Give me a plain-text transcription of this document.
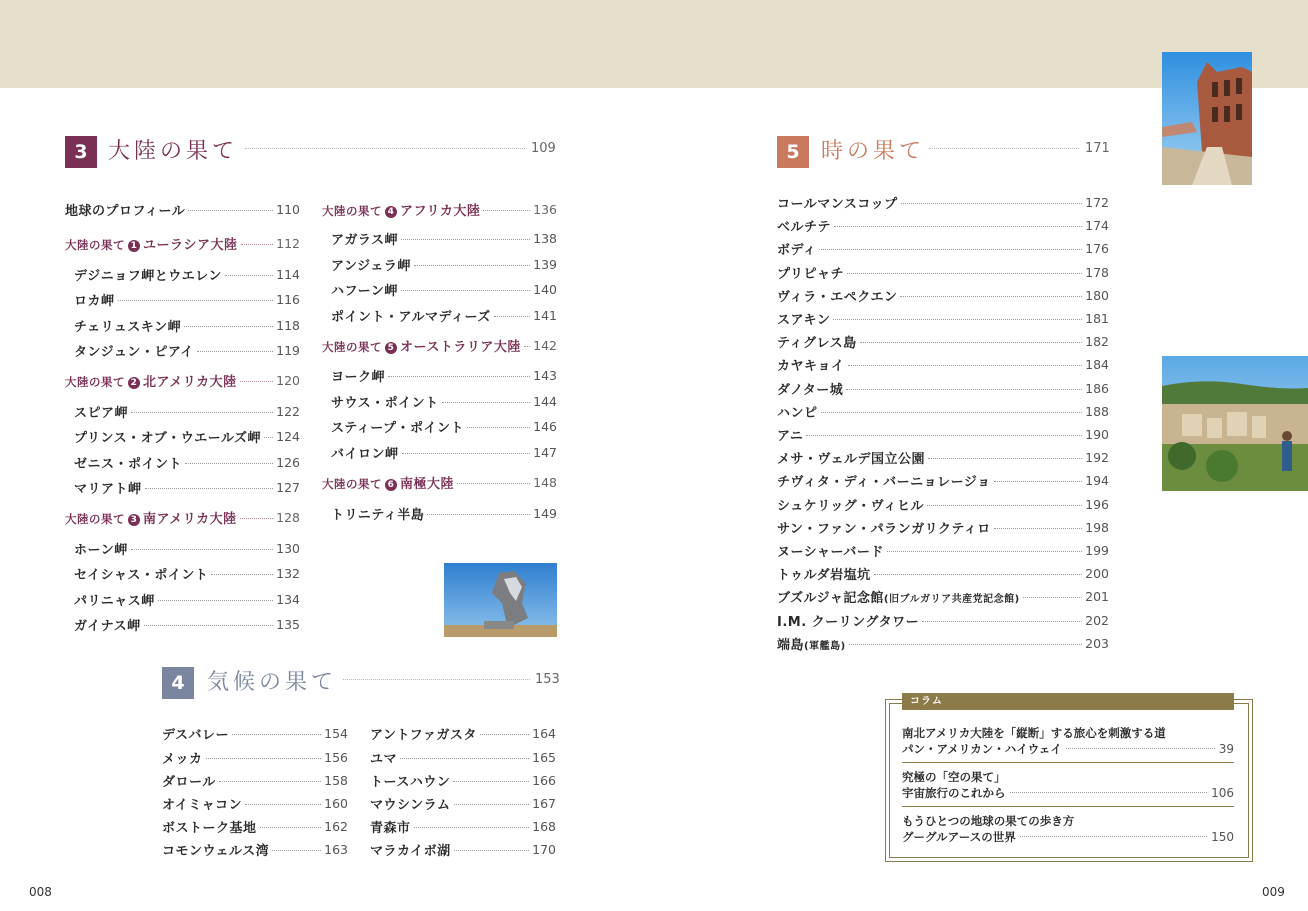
3 大陸の果て	109
地球のプロフィール	110
大陸の果て 1 ユーラシア大陸	112
デジニョフ岬とウエレン	114
ロカ岬	116
チェリュスキン岬	118
タンジュン・ピアイ	119
大陸の果て 2 北アメリカ大陸	120
スピア岬	122
プリンス・オブ・ウエールズ岬 124
ゼニス・ポイント	126
マリアト岬	127
大陸の果て 3 南アメリカ大陸	128
ホーン岬	130
セイシャス・ポイント	132
パリニャス岬	134
ガイナス岬	135
大陸の果て 4 アフリカ大陸	136
アガラス岬	138
アンジェラ岬	139
ハフーン岬	140
ポイント・アルマディーズ	141
大陸の果て 5 オーストラリア大陸 142
ヨーク岬	143
サウス・ポイント	144
スティープ・ポイント	146
バイロン岬	147
大陸の果て 6 南極大陸	148
トリニティ半島	149
4	気候の果て	153
デスバレー	154
メッカ	156
ダロール	158
オイミャコン	160
ボストーク基地	162
コモンウェルス湾	163
アントファガスタ	164
ユマ	165
トースハウン	166
マウシンラム	167
青森市	168
マラカイボ湖	170
5 時の果て	171
コールマンスコップ	172
ベルチテ	174
ボディ	176
プリピャチ	178
ヴィラ・エペクエン	180
スアキン	181
ティグレス島	182
カヤキョイ	184
ダノター城	186
ハンピ	188
アニ	190
メサ・ヴェルデ国立公園	192
チヴィタ・ディ・バーニョレージョ	194
シュケリッグ・ヴィヒル	196
サン・ファン・パランガリクティロ	198
ヌーシャーバード	199
トゥルダ岩塩坑	200
ブズルジャ記念館(旧ブルガリア共産党記念館)	201
I.M. クーリングタワー	202
端島(軍艦島)	203
コラム
南北アメリカ大陸を「縦断」する旅心を刺激する道
パン・アメリカン・ハイウェイ	39
究極の「空の果て」
宇宙旅行のこれから	106
もうひとつの地球の果ての歩き方
グーグルアースの世界	150
008	009
